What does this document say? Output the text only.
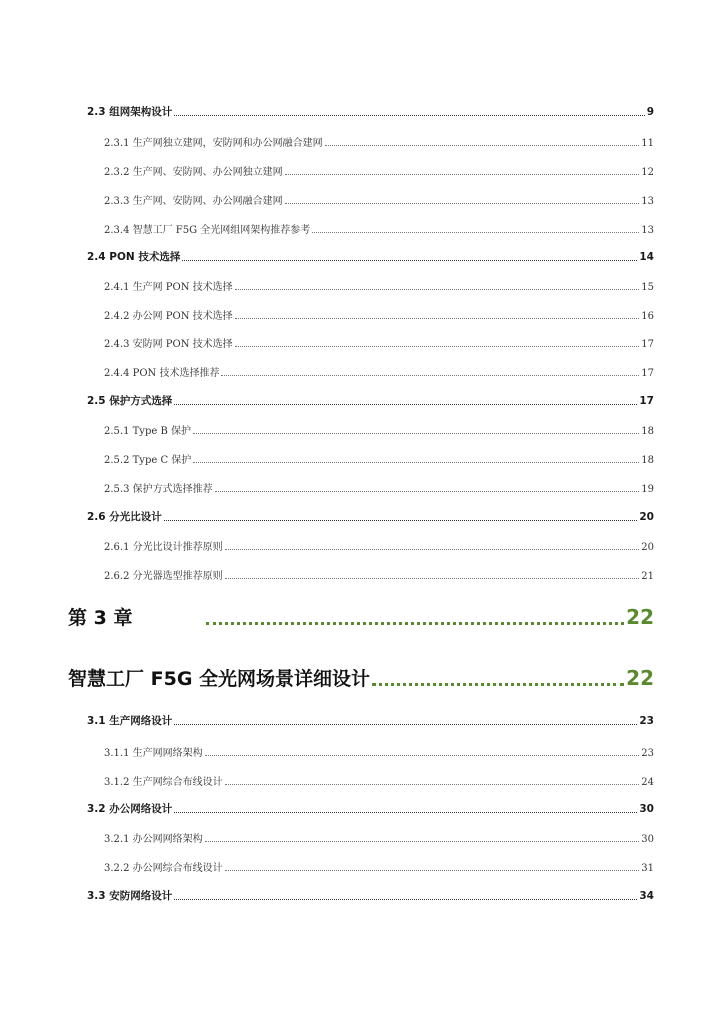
2.3 组网架构设计	9
2.3.1 生产网独立建网，安防网和办公网融合建网	11
2.3.2 生产网、安防网、办公网独立建网	12
2.3.3 生产网、安防网、办公网融合建网	13
2.3.4 智慧工厂 F5G 全光网组网架构推荐参考	13
2.4 PON 技术选择	14
2.4.1 生产网 PON 技术选择	15
2.4.2 办公网 PON 技术选择	16
2.4.3 安防网 PON 技术选择	17
2.4.4 PON 技术选择推荐	17
2.5 保护方式选择	17
2.5.1 Type B 保护	18
2.5.2 Type C 保护	18
2.5.3 保护方式选择推荐	19
2.6 分光比设计	20
2.6.1 分光比设计推荐原则	20
2.6.2 分光器选型推荐原则	21
第 3 章	22
智慧工厂 F5G 全光网场景详细设计	22
3.1 生产网络设计	23
3.1.1 生产网网络架构	23
3.1.2 生产网综合布线设计	24
3.2 办公网络设计	30
3.2.1 办公网网络架构	30
3.2.2 办公网综合布线设计	31
3.3 安防网络设计	34
